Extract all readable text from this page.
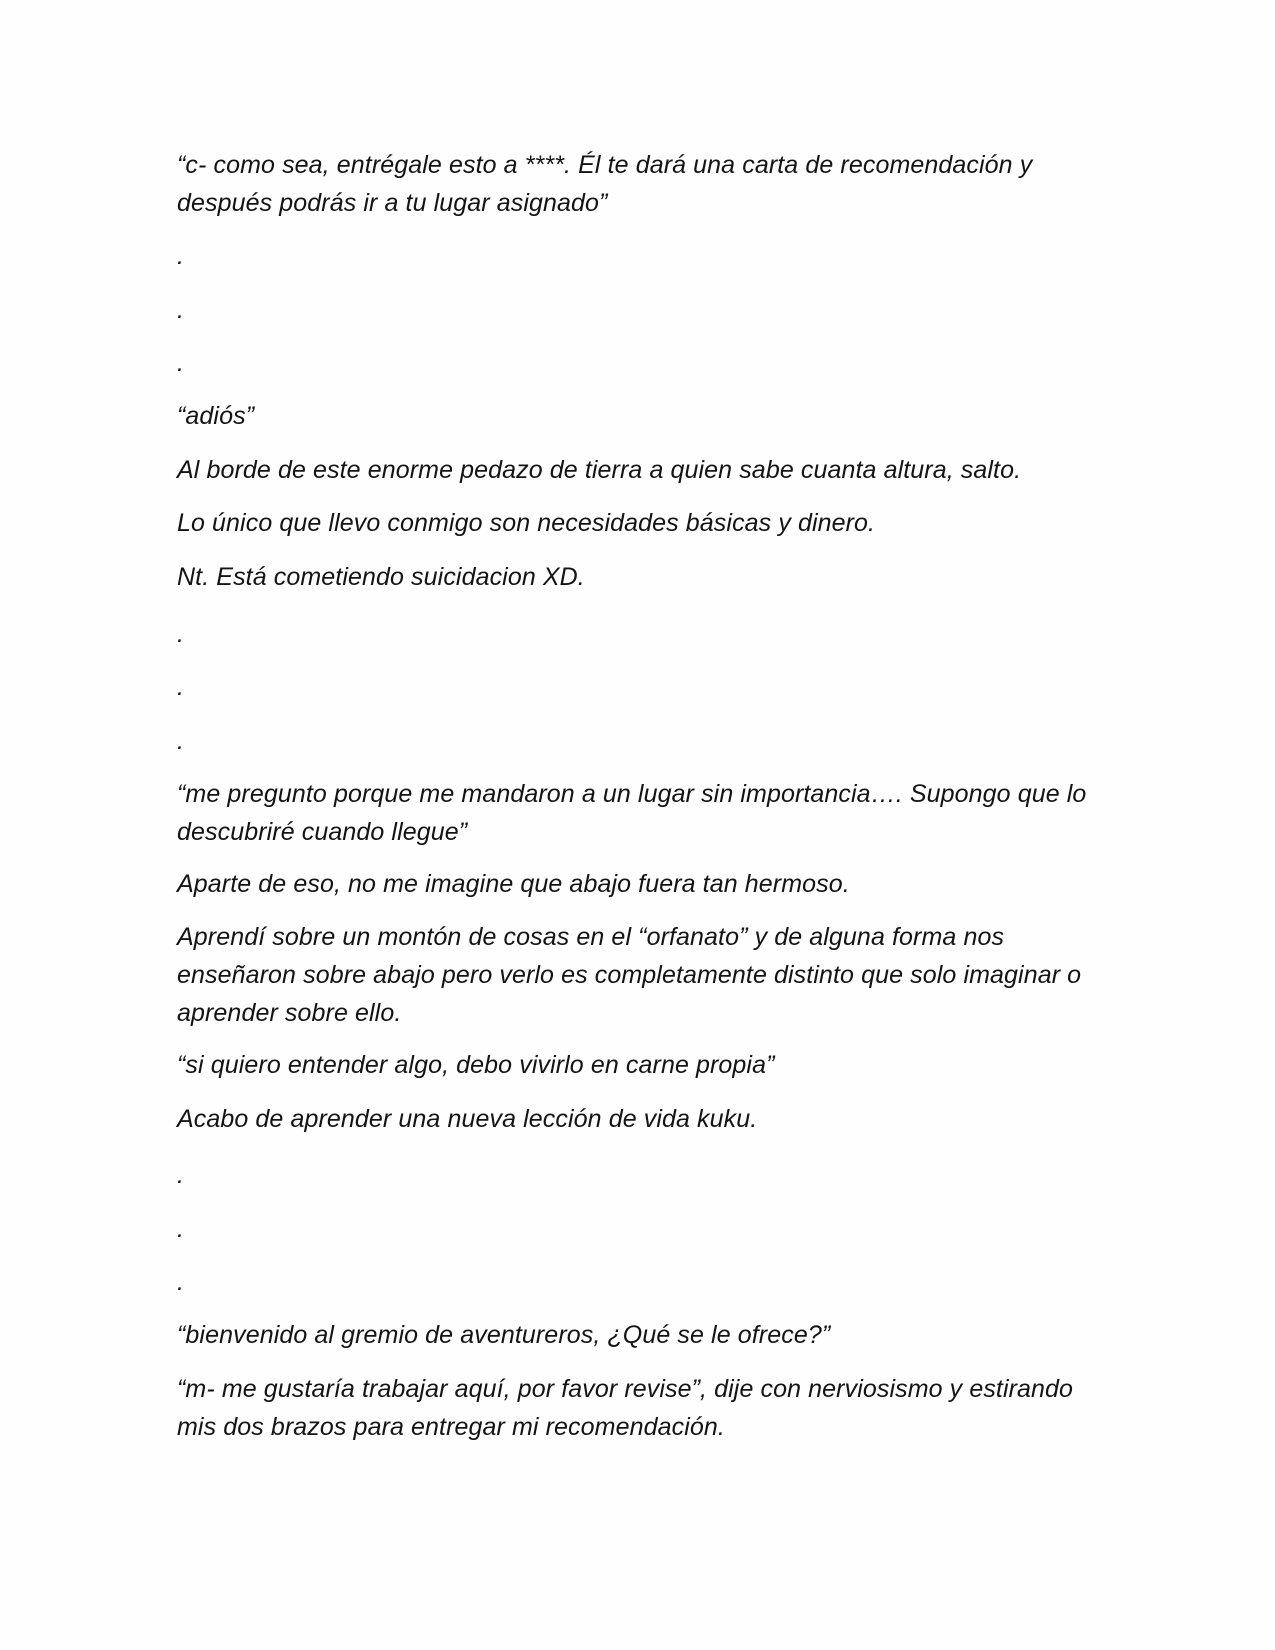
“c- como sea, entrégale esto a ****. Él te dará una carta de recomendación y después podrás ir a tu lugar asignado”

.

.

.

“adiós”

Al borde de este enorme pedazo de tierra a quien sabe cuanta altura, salto.

Lo único que llevo conmigo son necesidades básicas y dinero.

Nt. Está cometiendo suicidacion XD.

.

.

.

“me pregunto porque me mandaron a un lugar sin importancia…. Supongo que lo descubriré cuando llegue”

Aparte de eso, no me imagine que abajo fuera tan hermoso.

Aprendí sobre un montón de cosas en el “orfanato” y de alguna forma nos enseñaron sobre abajo pero verlo es completamente distinto que solo imaginar o aprender sobre ello.

“si quiero entender algo, debo vivirlo en carne propia”

Acabo de aprender una nueva lección de vida kuku.

.

.

.

“bienvenido al gremio de aventureros, ¿Qué se le ofrece?”

“m- me gustaría trabajar aquí, por favor revise”, dije con nerviosismo y estirando mis dos brazos para entregar mi recomendación.
